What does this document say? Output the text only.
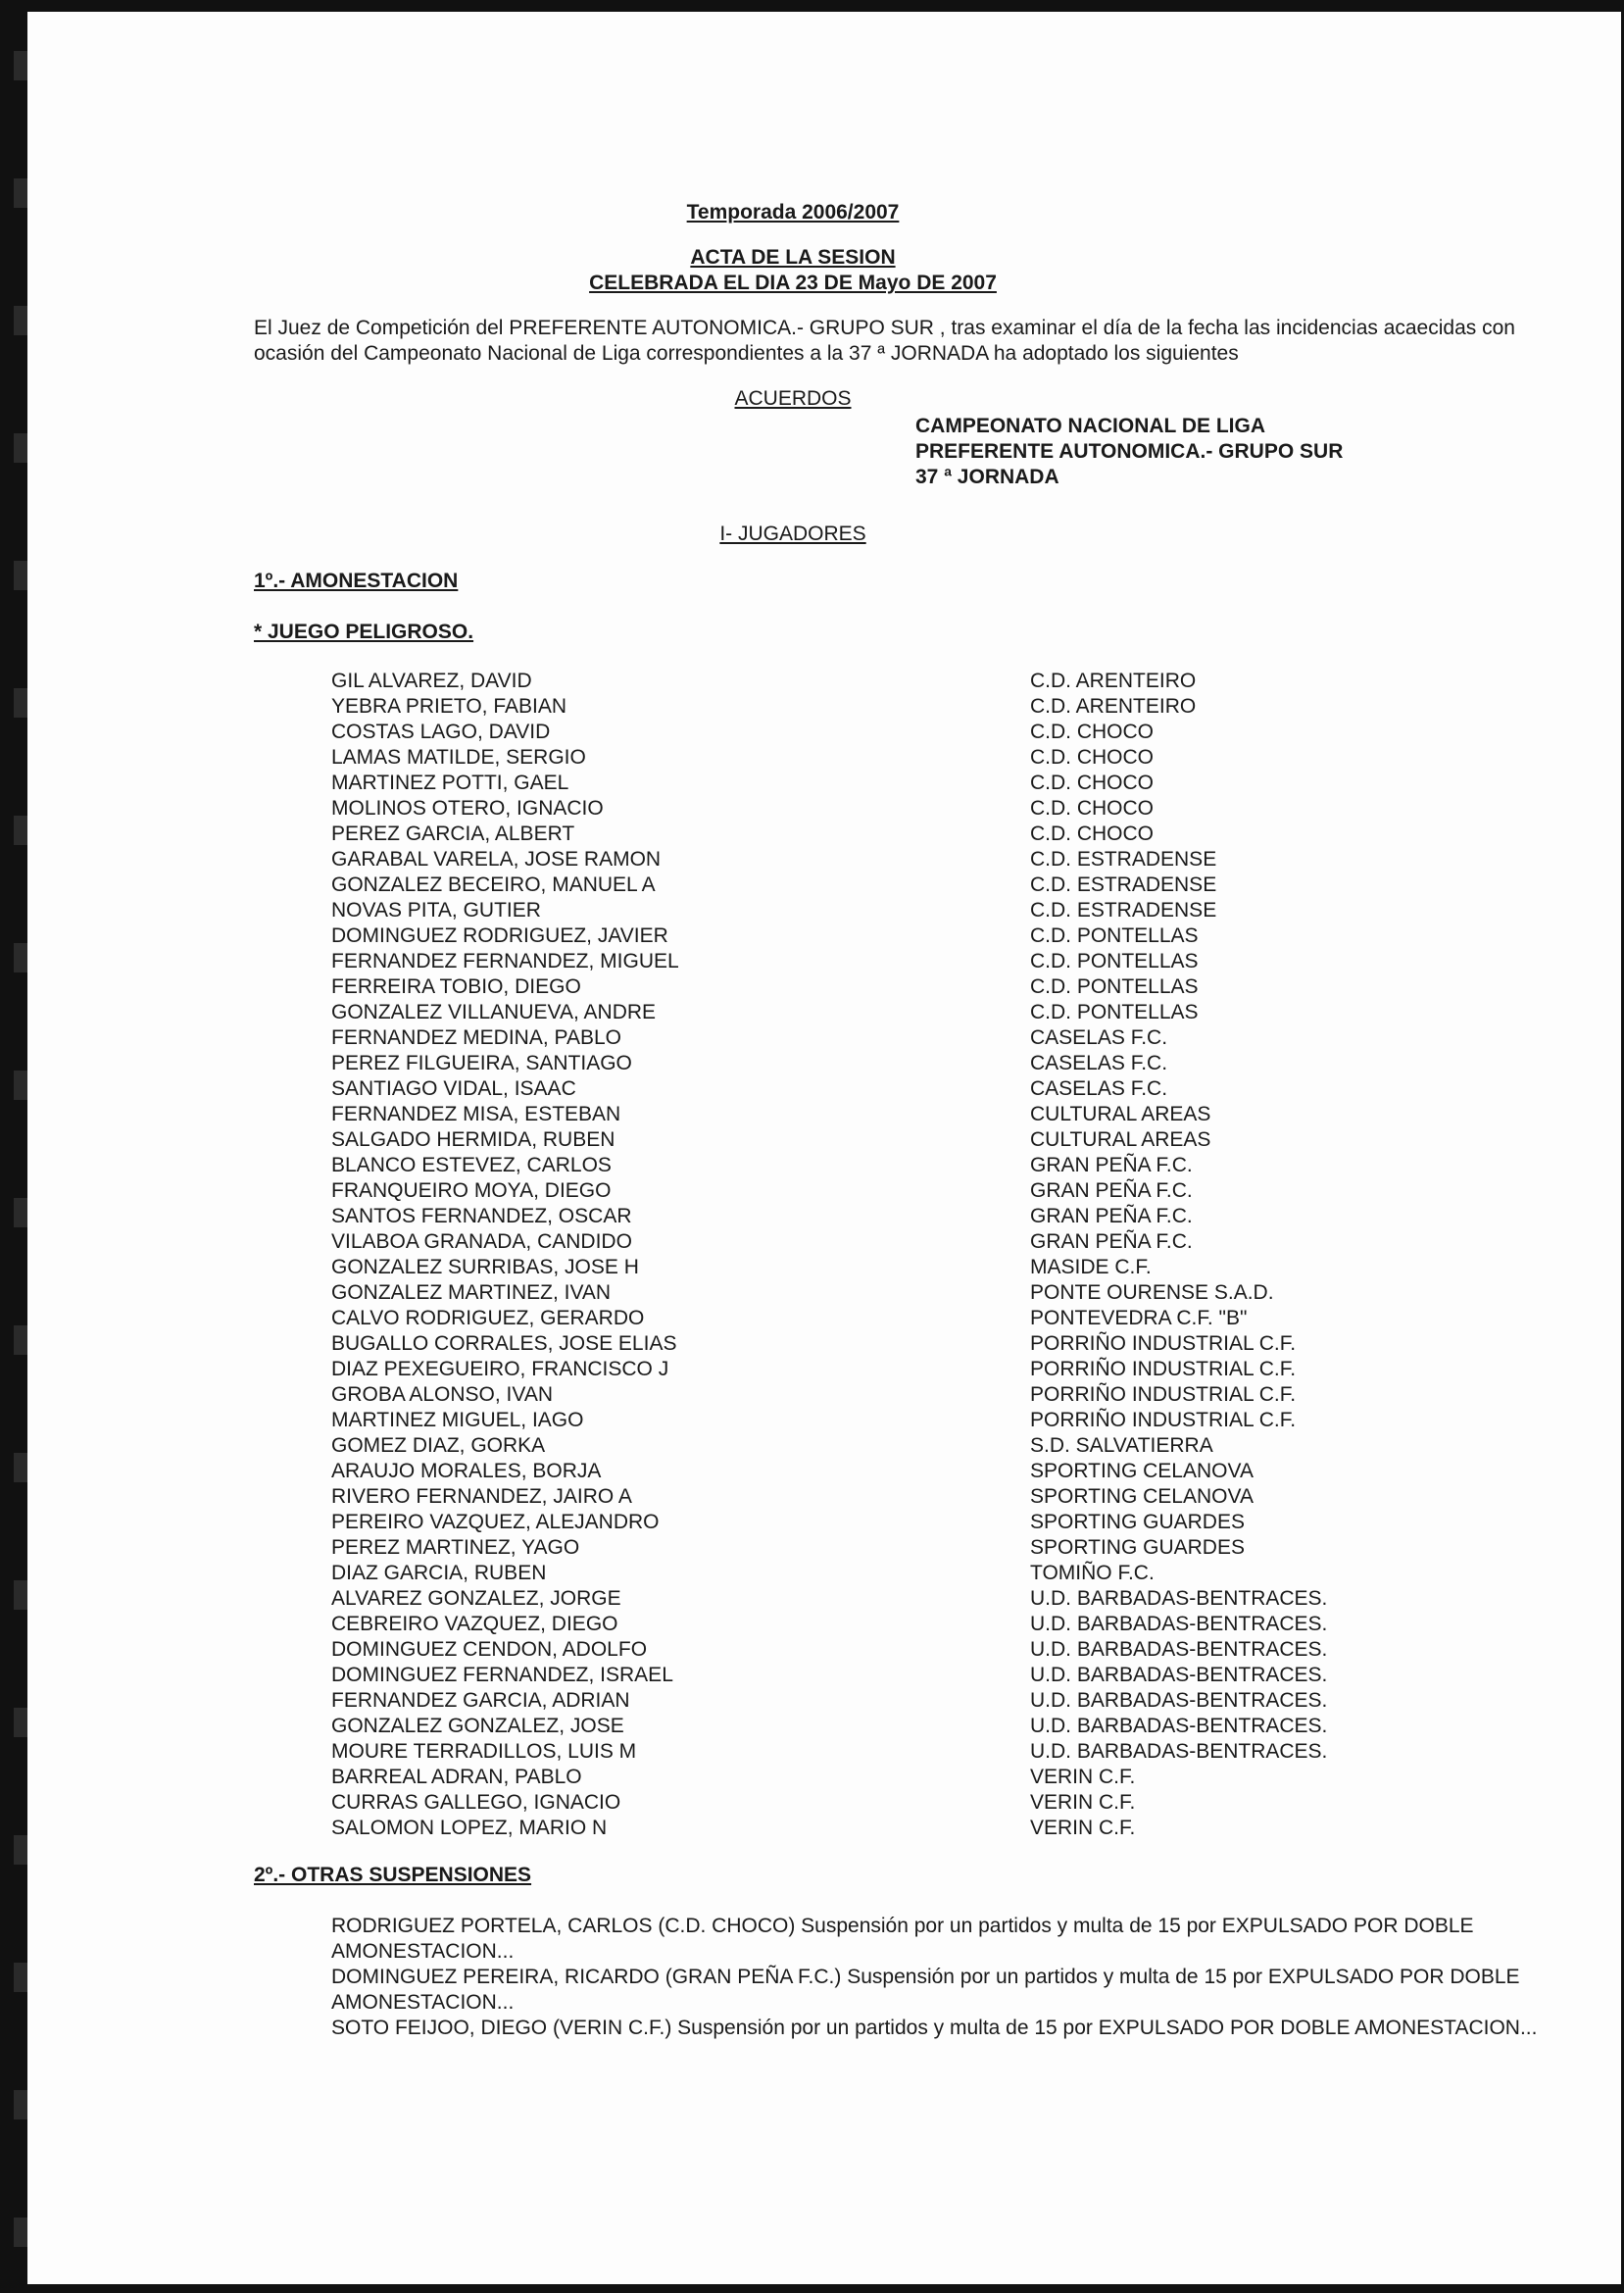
Temporada 2006/2007
ACTA DE LA SESION
CELEBRADA EL DIA 23 DE Mayo DE 2007
El Juez de Competición del PREFERENTE AUTONOMICA.- GRUPO SUR , tras examinar el día de la fecha las incidencias acaecidas con ocasión del Campeonato Nacional de Liga correspondientes a la 37 ª JORNADA ha adoptado los siguientes
ACUERDOS
CAMPEONATO NACIONAL DE LIGA
PREFERENTE AUTONOMICA.- GRUPO SUR
37 ª JORNADA
I- JUGADORES
1º.- AMONESTACION
* JUEGO PELIGROSO.
GIL ALVAREZ, DAVID	C.D. ARENTEIRO
YEBRA PRIETO, FABIAN	C.D. ARENTEIRO
COSTAS LAGO, DAVID	C.D. CHOCO
LAMAS MATILDE, SERGIO	C.D. CHOCO
MARTINEZ POTTI, GAEL	C.D. CHOCO
MOLINOS OTERO, IGNACIO	C.D. CHOCO
PEREZ GARCIA, ALBERT	C.D. CHOCO
GARABAL VARELA, JOSE RAMON	C.D. ESTRADENSE
GONZALEZ BECEIRO, MANUEL A	C.D. ESTRADENSE
NOVAS PITA, GUTIER	C.D. ESTRADENSE
DOMINGUEZ RODRIGUEZ, JAVIER	C.D. PONTELLAS
FERNANDEZ FERNANDEZ, MIGUEL	C.D. PONTELLAS
FERREIRA TOBIO, DIEGO	C.D. PONTELLAS
GONZALEZ VILLANUEVA, ANDRE	C.D. PONTELLAS
FERNANDEZ MEDINA, PABLO	CASELAS F.C.
PEREZ FILGUEIRA, SANTIAGO	CASELAS F.C.
SANTIAGO VIDAL, ISAAC	CASELAS F.C.
FERNANDEZ MISA, ESTEBAN	CULTURAL AREAS
SALGADO HERMIDA, RUBEN	CULTURAL AREAS
BLANCO ESTEVEZ, CARLOS	GRAN PEÑA F.C.
FRANQUEIRO MOYA, DIEGO	GRAN PEÑA F.C.
SANTOS FERNANDEZ, OSCAR	GRAN PEÑA F.C.
VILABOA GRANADA, CANDIDO	GRAN PEÑA F.C.
GONZALEZ SURRIBAS, JOSE H	MASIDE C.F.
GONZALEZ MARTINEZ, IVAN	PONTE OURENSE S.A.D.
CALVO RODRIGUEZ, GERARDO	PONTEVEDRA C.F. "B"
BUGALLO CORRALES, JOSE ELIAS	PORRIÑO INDUSTRIAL C.F.
DIAZ PEXEGUEIRO, FRANCISCO J	PORRIÑO INDUSTRIAL C.F.
GROBA ALONSO, IVAN	PORRIÑO INDUSTRIAL C.F.
MARTINEZ MIGUEL, IAGO	PORRIÑO INDUSTRIAL C.F.
GOMEZ DIAZ, GORKA	S.D. SALVATIERRA
ARAUJO MORALES, BORJA	SPORTING CELANOVA
RIVERO FERNANDEZ, JAIRO A	SPORTING CELANOVA
PEREIRO VAZQUEZ, ALEJANDRO	SPORTING GUARDES
PEREZ MARTINEZ, YAGO	SPORTING GUARDES
DIAZ GARCIA, RUBEN	TOMIÑO F.C.
ALVAREZ GONZALEZ, JORGE	U.D. BARBADAS-BENTRACES.
CEBREIRO VAZQUEZ, DIEGO	U.D. BARBADAS-BENTRACES.
DOMINGUEZ CENDON, ADOLFO	U.D. BARBADAS-BENTRACES.
DOMINGUEZ FERNANDEZ, ISRAEL	U.D. BARBADAS-BENTRACES.
FERNANDEZ GARCIA, ADRIAN	U.D. BARBADAS-BENTRACES.
GONZALEZ GONZALEZ, JOSE	U.D. BARBADAS-BENTRACES.
MOURE TERRADILLOS, LUIS M	U.D. BARBADAS-BENTRACES.
BARREAL ADRAN, PABLO	VERIN C.F.
CURRAS GALLEGO, IGNACIO	VERIN C.F.
SALOMON LOPEZ, MARIO N	VERIN C.F.
2º.- OTRAS SUSPENSIONES

RODRIGUEZ PORTELA, CARLOS (C.D. CHOCO) Suspensión por un partidos y multa de 15 por EXPULSADO POR DOBLE AMONESTACION...

DOMINGUEZ PEREIRA, RICARDO (GRAN PEÑA F.C.) Suspensión por un partidos y multa de 15 por EXPULSADO POR DOBLE AMONESTACION...

SOTO FEIJOO, DIEGO (VERIN C.F.) Suspensión por un partidos y multa de 15 por EXPULSADO POR DOBLE AMONESTACION...
